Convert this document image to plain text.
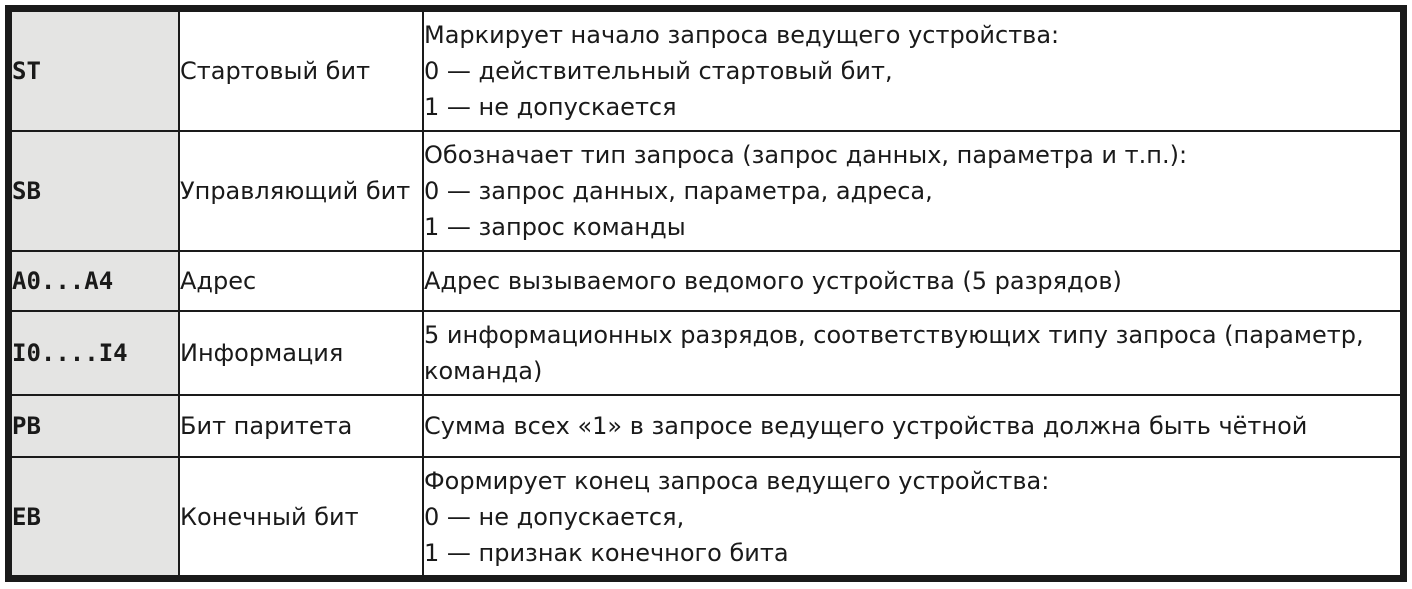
ST	Стартовый бит	Маркирует начало запроса ведущего устройства:
0 — действительный стартовый бит,
1 — не допускается

SB	Управляющий бит	Обозначает тип запроса (запрос данных, параметра и т.п.):
0 — запрос данных, параметра, адреса,
1 — запрос команды

A0...A4	Адрес	Адрес вызываемого ведомого устройства (5 разрядов)

I0....I4	Информация	5 информационных разрядов, соответствующих типу запроса (параметр, команда)

PB	Бит паритета	Сумма всех «1» в запросе ведущего устройства должна быть чётной

EB	Конечный бит	Формирует конец запроса ведущего устройства:
0 — не допускается,
1 — признак конечного бита
